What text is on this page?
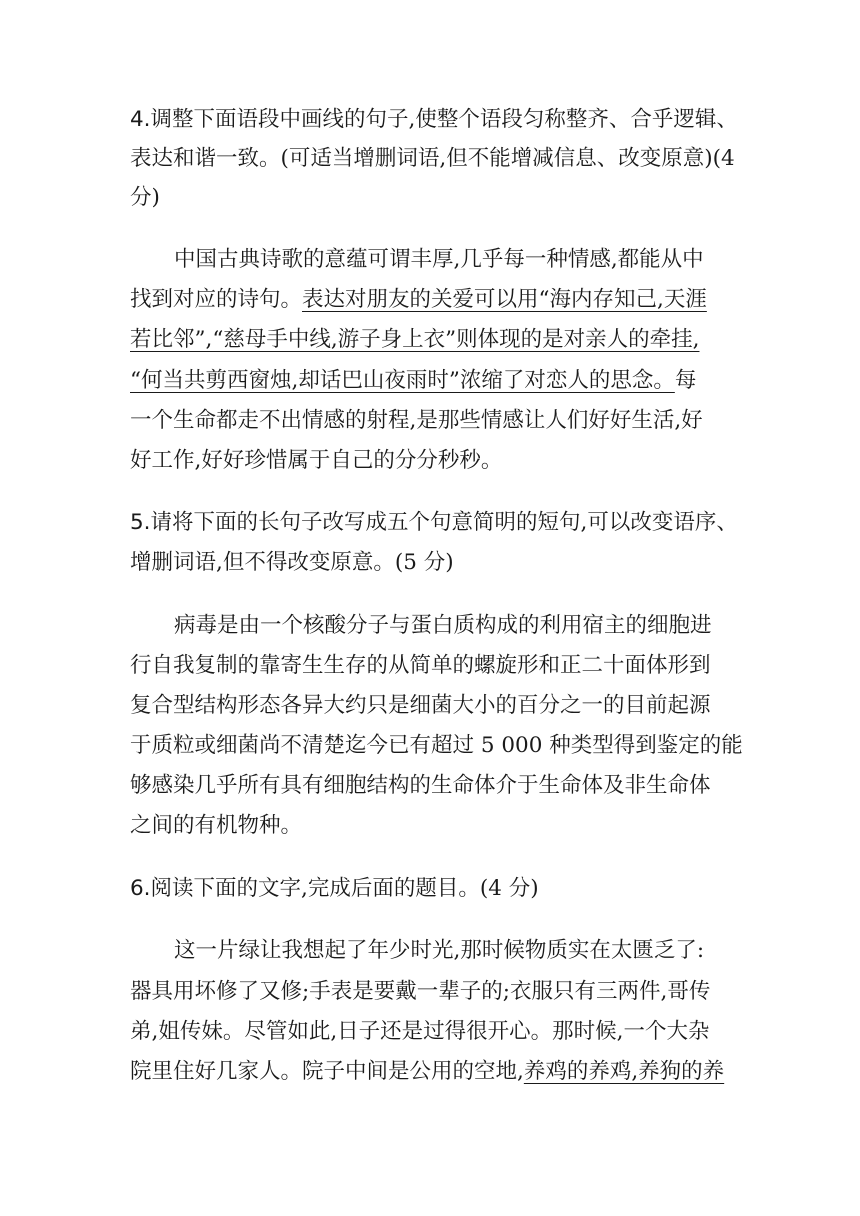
4.调整下面语段中画线的句子,使整个语段匀称整齐、合乎逻辑、
表达和谐一致。(可适当增删词语,但不能增减信息、改变原意)(4
分)
中国古典诗歌的意蕴可谓丰厚,几乎每一种情感,都能从中
找到对应的诗句。表达对朋友的关爱可以用“海内存知己,天涯
若比邻”,“慈母手中线,游子身上衣”则体现的是对亲人的牵挂,
“何当共剪西窗烛,却话巴山夜雨时”浓缩了对恋人的思念。每
一个生命都走不出情感的射程,是那些情感让人们好好生活,好
好工作,好好珍惜属于自己的分分秒秒。
5.请将下面的长句子改写成五个句意简明的短句,可以改变语序、
增删词语,但不得改变原意。(5 分)
病毒是由一个核酸分子与蛋白质构成的利用宿主的细胞进
行自我复制的靠寄生生存的从简单的螺旋形和正二十面体形到
复合型结构形态各异大约只是细菌大小的百分之一的目前起源
于质粒或细菌尚不清楚迄今已有超过 5 000 种类型得到鉴定的能
够感染几乎所有具有细胞结构的生命体介于生命体及非生命体
之间的有机物种。
6.阅读下面的文字,完成后面的题目。(4 分)
这一片绿让我想起了年少时光,那时候物质实在太匮乏了:
器具用坏修了又修;手表是要戴一辈子的;衣服只有三两件,哥传
弟,姐传妹。尽管如此,日子还是过得很开心。那时候,一个大杂
院里住好几家人。院子中间是公用的空地,养鸡的养鸡,养狗的养
